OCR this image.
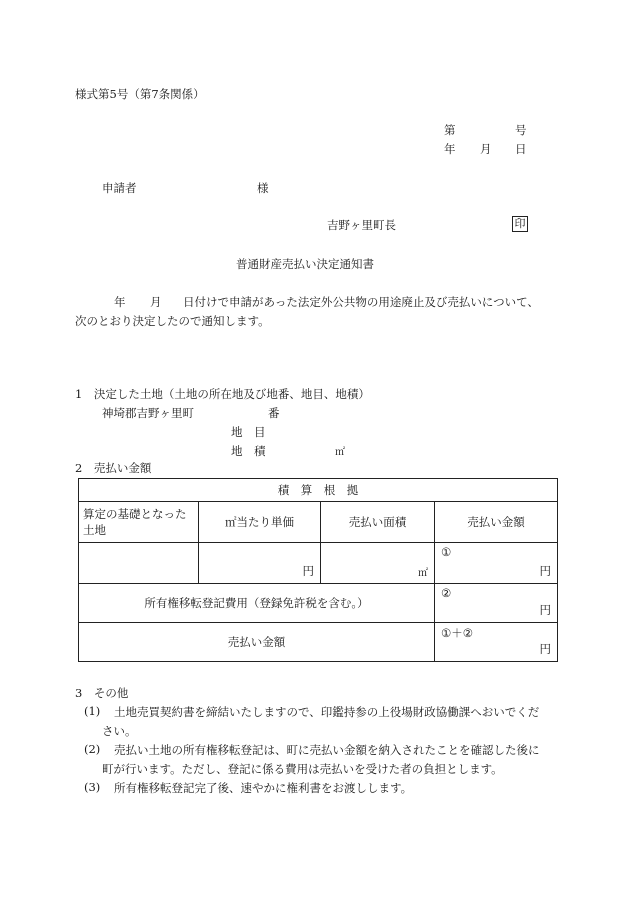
様式第5号（第7条関係）
第	号
年 月 日
申請者	様
吉野ヶ里町長	印
普通財産売払い決定通知書
年 月 日付けで申請があった法定外公共物の用途廃止及び売払いについて、
次のとおり決定したので通知します。
1　決定した土地（土地の所在地及び地番、地目、地積）
神埼郡吉野ヶ里町	番
地　目
地　積	㎡
2　売払い金額
積　算　根　拠			
算定の基礎となった土地	㎡当たり単価	売払い面積	売払い金額

	円	㎡	①
円

所有権移転登記費用（登録免許税を含む。）			②
円

売払い金額			①＋②
円
3　その他
(1) 土地売買契約書を締結いたしますので、印鑑持参の上役場財政協働課へおいでくだ
さい。
(2) 売払い土地の所有権移転登記は、町に売払い金額を納入されたことを確認した後に
町が行います。ただし、登記に係る費用は売払いを受けた者の負担とします。
(3) 所有権移転登記完了後、速やかに権利書をお渡しします。
